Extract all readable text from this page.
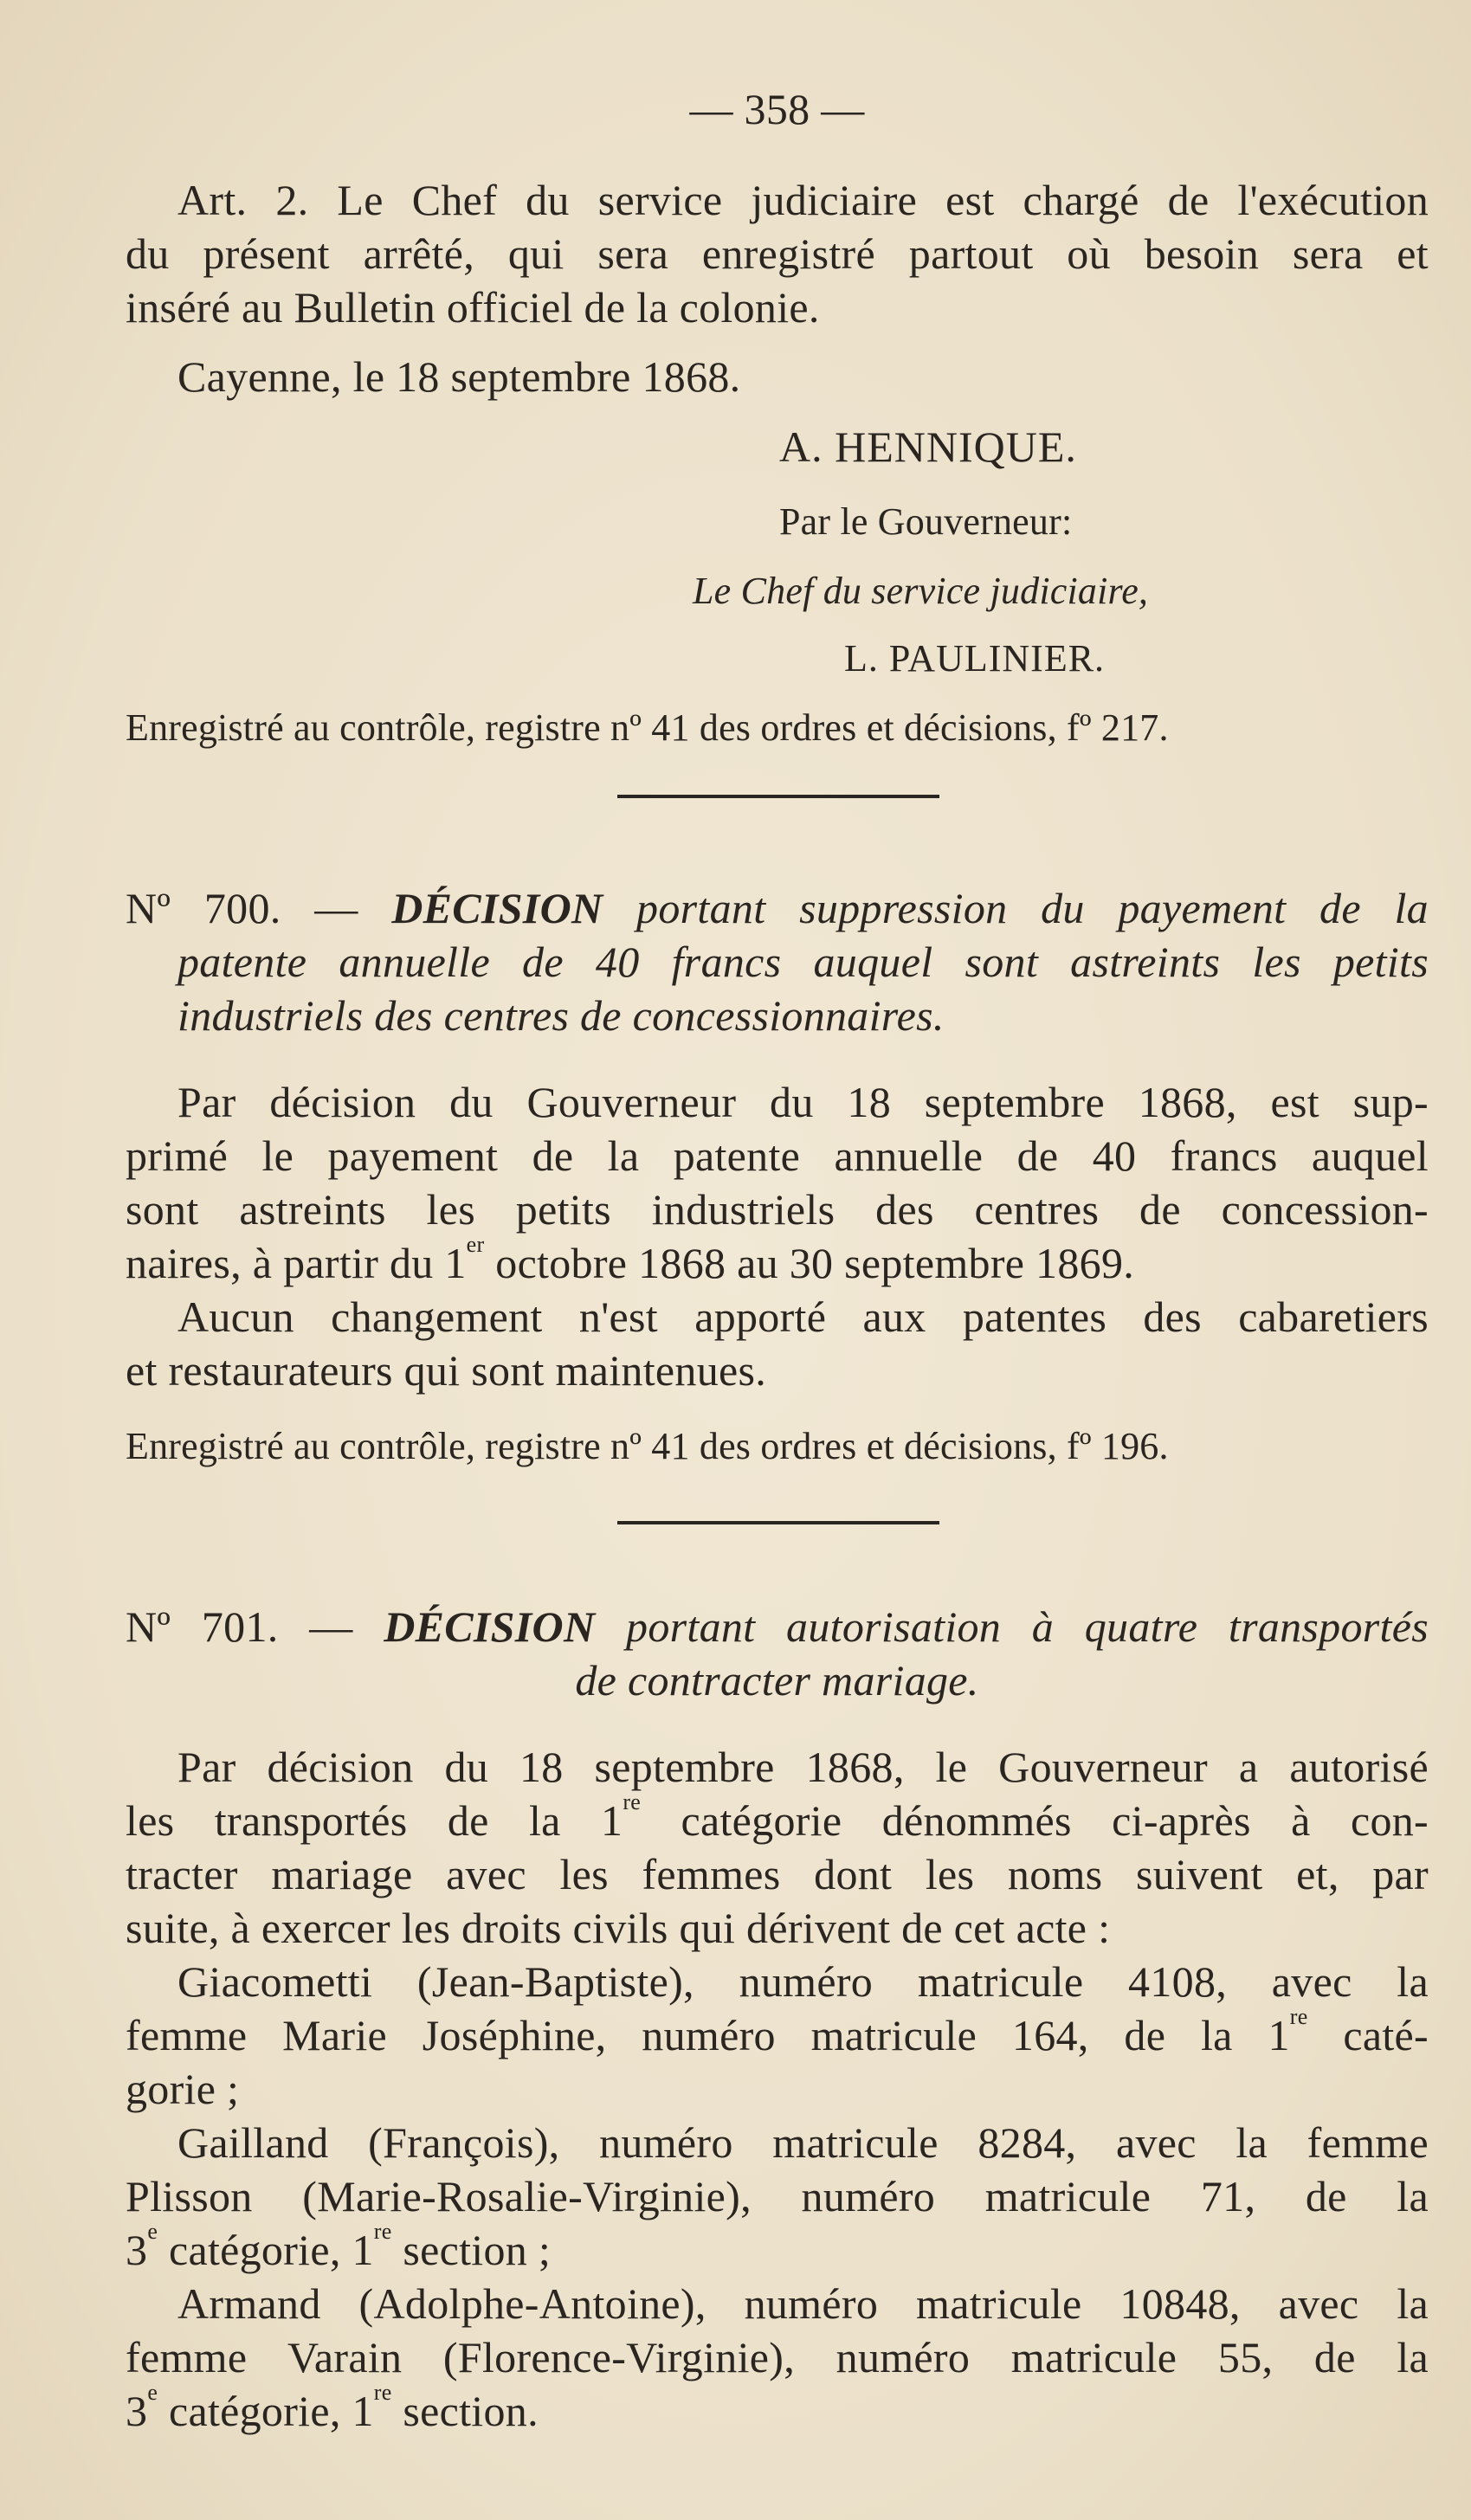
— 358 —
Art. 2. Le Chef du service judiciaire est chargé de l'exécution
du présent arrêté, qui sera enregistré partout où besoin sera et
inséré au Bulletin officiel de la colonie.
Cayenne, le 18 septembre 1868.
A. HENNIQUE.
Par le Gouverneur:
Le Chef du service judiciaire,
L. PAULINIER.
Enregistré au contrôle, registre nº 41 des ordres et décisions, fº 217.
Nº 700. — DÉCISION portant suppression du payement de la
patente annuelle de 40 francs auquel sont astreints les petits
industriels des centres de concessionnaires.
Par décision du Gouverneur du 18 septembre 1868, est sup-
primé le payement de la patente annuelle de 40 francs auquel
sont astreints les petits industriels des centres de concession-
naires, à partir du 1er octobre 1868 au 30 septembre 1869.
Aucun changement n'est apporté aux patentes des cabaretiers
et restaurateurs qui sont maintenues.
Enregistré au contrôle, registre nº 41 des ordres et décisions, fº 196.
Nº 701. — DÉCISION portant autorisation à quatre transportés
de contracter mariage.
Par décision du 18 septembre 1868, le Gouverneur a autorisé
les transportés de la 1re catégorie dénommés ci-après à con-
tracter mariage avec les femmes dont les noms suivent et, par
suite, à exercer les droits civils qui dérivent de cet acte :
Giacometti (Jean-Baptiste), numéro matricule 4108, avec la
femme Marie Joséphine, numéro matricule 164, de la 1re caté-
gorie ;
Gailland (François), numéro matricule 8284, avec la femme
Plisson (Marie-Rosalie-Virginie), numéro matricule 71, de la
3e catégorie, 1re section ;
Armand (Adolphe-Antoine), numéro matricule 10848, avec la
femme Varain (Florence-Virginie), numéro matricule 55, de la
3e catégorie, 1re section.
